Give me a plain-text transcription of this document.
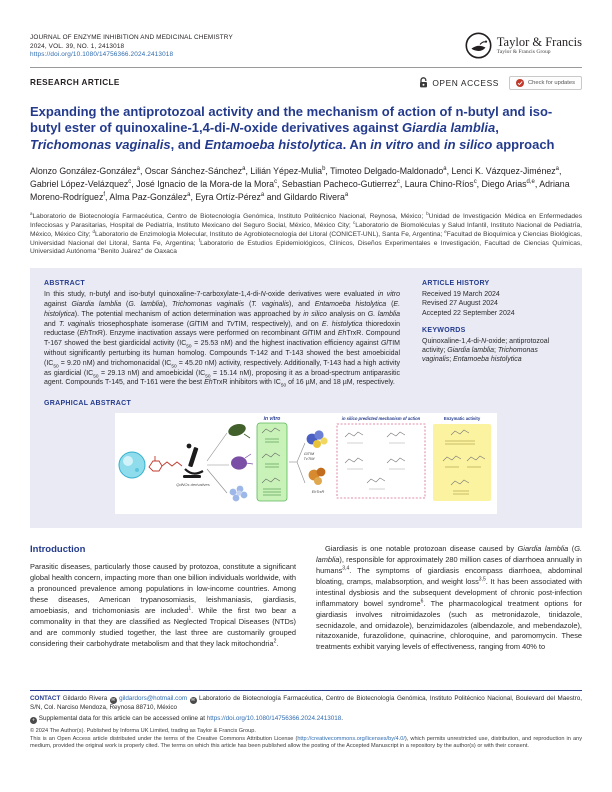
JOURNAL OF ENZYME INHIBITION AND MEDICINAL CHEMISTRY
2024, VOL. 39, NO. 1, 2413018
https://doi.org/10.1080/14756366.2024.2413018
Taylor & Francis
Taylor & Francis Group
RESEARCH ARTICLE	OPEN ACCESS	Check for updates
Expanding the antiprotozoal activity and the mechanism of action of n-butyl and iso-butyl ester of quinoxaline-1,4-di-N-oxide derivatives against Giardia lamblia, Trichomonas vaginalis, and Entamoeba histolytica. An in vitro and in silico approach
Alonzo González-González$^a$, Oscar Sánchez-Sánchez$^a$, Lilián Yépez-Mulia$^b$, Timoteo Delgado-Maldonado$^a$, Lenci K. Vázquez-Jiménez$^a$, Gabriel López-Velázquez$^c$, José Ignacio de la Mora-de la Mora$^c$, Sebastian Pacheco-Gutierrez$^c$, Laura Chino-Ríos$^c$, Diego Arias$^{d,e}$, Adriana Moreno-Rodríguez$^f$, Alma Paz-González$^a$, Eyra Ortíz-Pérez$^a$ and Gildardo Rivera$^a$
$^a$Laboratorio de Biotecnología Farmacéutica, Centro de Biotecnología Genómica, Instituto Politécnico Nacional, Reynosa, México; $^b$Unidad de Investigación Médica en Enfermedades Infecciosas y Parasitarias, Hospital de Pediatría, Instituto Mexicano del Seguro Social, México, México City; $^c$Laboratorio de Biomoléculas y Salud Infantil, Instituto Nacional de Pediatría, México, México City; $^d$Laboratorio de Enzimología Molecular, Instituto de Agrobiotecnología del Litoral (CONICET-UNL), Santa Fe, Argentina; $^e$Facultad de Bioquímica y Ciencias Biológicas, Universidad Nacional del Litoral, Santa Fe, Argentina; $^f$Laboratorio de Estudios Epidemiológicos, Clínicos, Diseños Experimentales e Investigación, Facultad de Ciencias Químicas, Universidad Autónoma "Benito Juárez" de Oaxaca
ABSTRACT
In this study, n-butyl and iso-butyl quinoxaline-7-carboxylate-1,4-di-N-oxide derivatives were evaluated in vitro against Giardia lamblia (G. lamblia), Trichomonas vaginalis (T. vaginalis), and Entamoeba histolytica (E. histolytica). The potential mechanism of action determination was approached by in silico analysis on G. lamblia and T. vaginalis triosephosphate isomerase (GlTIM and TvTIM, respectively), and on E. histolytica thioredoxin reductase (EhTrxR). Enzyme inactivation assays were performed on recombinant GlTIM and EhTrxR. Compound T-167 showed the best giardicidal activity ($IC_{50} = 25.53$ nM) and the highest inactivation efficiency against GlTIM without significantly perturbing its human homolog. Compounds T-142 and T-143 showed the best amoebicidal ($IC_{50} = 9.20$ nM) and trichomonacidal ($IC_{50} = 45.20$ nM) activity, respectively. Additionally, T-143 had a high activity as giardicial ($IC_{50} = 29.13$ nM) and amoebicidal ($IC_{50} = 15.14$ nM), proposing it as a broad-spectrum antiparasitic agent. Compounds T-145, and T-161 were the best EhTrxR inhibitors with $IC_{50}$ of 16 µM, and 18 µM, respectively.
ARTICLE HISTORY
Received 19 March 2024
Revised 27 August 2024
Accepted 22 September 2024
KEYWORDS
Quinoxaline-1,4-di-N-oxide; antiprotozoal activity; Giardia lamblia; Trichomonas vaginalis; Entamoeba histolytica
GRAPHICAL ABSTRACT
QdNOs derivatives
in vitro
GlTIM
TvTIM
EhTrxR
in silico predicted mechanism of action	Enzymatic activity
Introduction

Parasitic diseases, particularly those caused by protozoa, constitute a significant global health concern, impacting more than one billion individuals worldwide, with a pronounced prevalence among populations in low-income countries. Among these diseases, American trypanosomiasis, leishmaniasis, giardiasis, amoebiasis, and trichomoniasis are included$^1$. While the first two bear a commonality in that they are classified as Neglected Tropical Diseases (NTDs) and are commonly studied together, the last three are customarily grouped considering their carbohydrate metabolism and that they lack mitochondria$^2$.

Giardiasis is one notable protozoan disease caused by Giardia lamblia (G. lamblia), responsible for approximately 280 million cases of diarrhoea annually in humans$^{3,4}$. The symptoms of giardiasis encompass diarrhoea, abdominal bloating, cramps, malabsorption, and weight loss$^{3,5}$. It has been associated with intestinal dysbiosis and the subsequent development of chronic post-infection inflammatory bowel syndrome$^6$. The pharmacological treatment options for giardiasis involves nitroimidazoles (such as metronidazole, tinidazole, secnidazole, and ornidazole), benzimidazoles (albendazole, and mebendazole), nitazoxanide, furazolidone, quinacrine, chloroquine, and paromomycin. These treatments exhibit varying levels of effectiveness, ranging from 40% to

CONTACT Gildardo Rivera ✉ gildardors@hotmail.com ✉ Laboratorio de Biotecnología Farmacéutica, Centro de Biotecnología Genómica, Instituto Politécnico Nacional, Boulevard del Maestro, S/N, Col. Narciso Mendoza, Reynosa 88710, México

+ Supplemental data for this article can be accessed online at https://doi.org/10.1080/14756366.2024.2413018.

© 2024 The Author(s). Published by Informa UK Limited, trading as Taylor & Francis Group.

This is an Open Access article distributed under the terms of the Creative Commons Attribution License (http://creativecommons.org/licenses/by/4.0/), which permits unrestricted use, distribution, and reproduction in any medium, provided the original work is properly cited. The terms on which this article has been published allow the posting of the Accepted Manuscript in a repository by the author(s) or with their consent.
